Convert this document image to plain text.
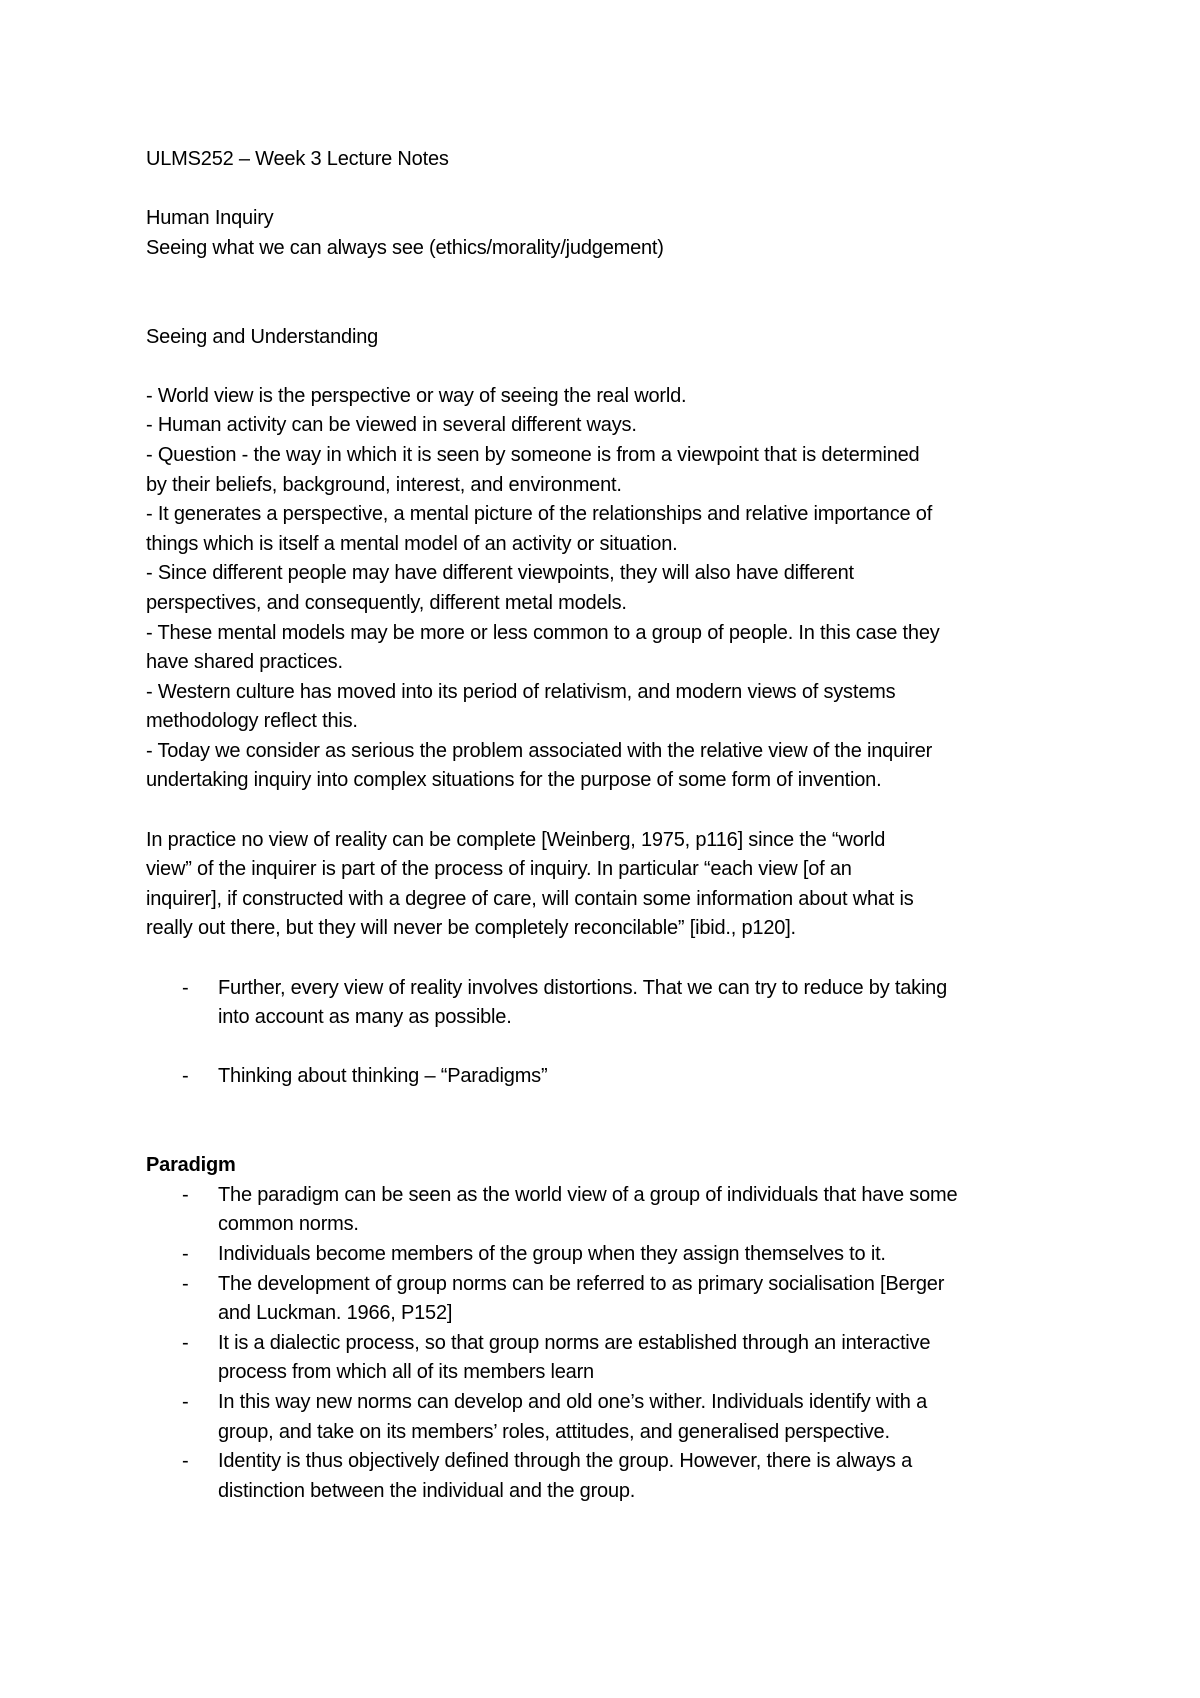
ULMS252 – Week 3 Lecture Notes
Human Inquiry
Seeing what we can always see (ethics/morality/judgement)
Seeing and Understanding
- World view is the perspective or way of seeing the real world.
- Human activity can be viewed in several different ways.
- Question - the way in which it is seen by someone is from a viewpoint that is determined
by their beliefs, background, interest, and environment.
- It generates a perspective, a mental picture of the relationships and relative importance of
things which is itself a mental model of an activity or situation.
- Since different people may have different viewpoints, they will also have different
perspectives, and consequently, different metal models.
- These mental models may be more or less common to a group of people. In this case they
have shared practices.
- Western culture has moved into its period of relativism, and modern views of systems
methodology reflect this.
- Today we consider as serious the problem associated with the relative view of the inquirer
undertaking inquiry into complex situations for the purpose of some form of invention.
In practice no view of reality can be complete [Weinberg, 1975, p116] since the “world
view” of the inquirer is part of the process of inquiry. In particular “each view [of an
inquirer], if constructed with a degree of care, will contain some information about what is
really out there, but they will never be completely reconcilable” [ibid., p120].
- Further, every view of reality involves distortions. That we can try to reduce by taking
into account as many as possible.
- Thinking about thinking – “Paradigms”
Paradigm
- The paradigm can be seen as the world view of a group of individuals that have some
common norms.
- Individuals become members of the group when they assign themselves to it.
- The development of group norms can be referred to as primary socialisation [Berger
and Luckman. 1966, P152]
- It is a dialectic process, so that group norms are established through an interactive
process from which all of its members learn
- In this way new norms can develop and old one’s wither. Individuals identify with a
group, and take on its members’ roles, attitudes, and generalised perspective.
- Identity is thus objectively defined through the group. However, there is always a
distinction between the individual and the group.
